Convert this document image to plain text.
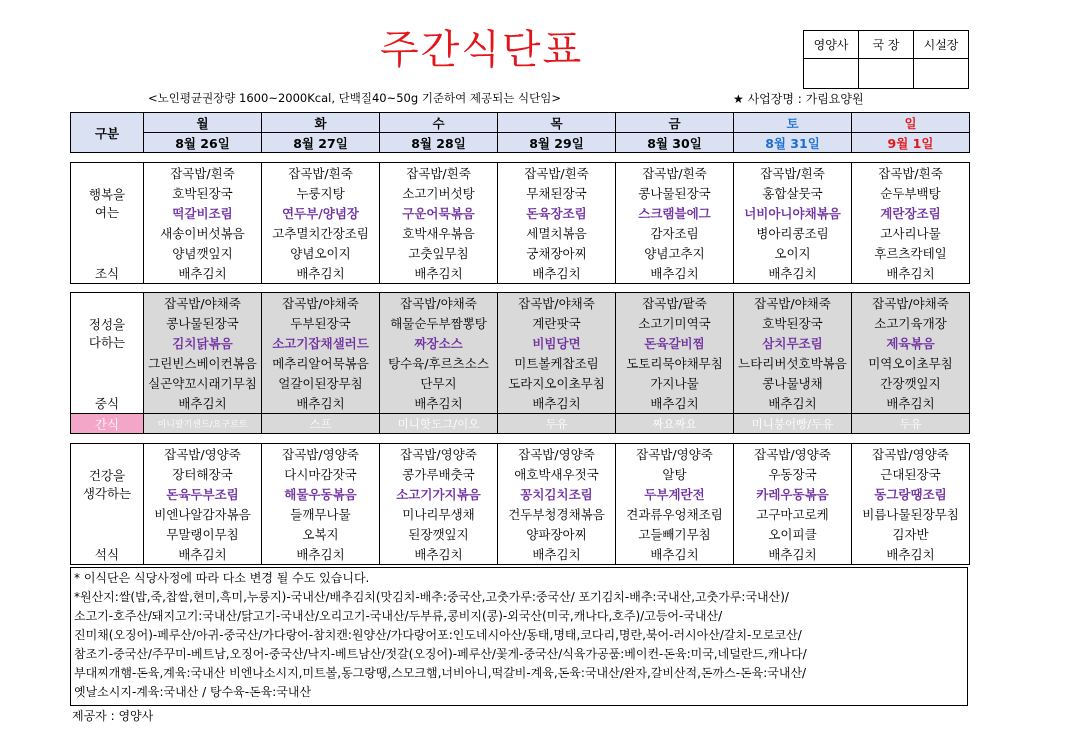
주간식단표	영양사	국 장	시설장

<노인평균권장량 1600~2000Kcal, 단백질40~50g 기준하여 제공되는 식단임>	★ 사업장명 : 가림요양원
구분	월	화	수	목	금	토	일
	8월 26일	8월 27일	8월 28일	8월 29일	8월 30일	8월 31일	9월 1일
	잡곡밥/흰죽	잡곡밥/흰죽	잡곡밥/흰죽	잡곡밥/흰죽	잡곡밥/흰죽	잡곡밥/흰죽	잡곡밥/흰죽
행복을	호박된장국	누룽지탕	소고기버섯탕	무채된장국	콩나물된장국	홍합살뭇국	순두부백탕
여는	떡갈비조림	연두부/양념장	구운어묵볶음	돈육장조림	스크램블에그	너비아니야채볶음	계란장조림
	새송이버섯볶음	고추멸치간장조림	호박새우볶음	세멸치볶음	감자조림	병아리콩조림	고사리나물
	양념깻잎지	양념오이지	고춧잎무침	궁채장아찌	양념고추지	오이지	후르츠칵테일
조식	배추김치	배추김치	배추김치	배추김치	배추김치	배추김치	배추김치
	잡곡밥/야채죽	잡곡밥/야채죽	잡곡밥/야채죽	잡곡밥/야채죽	잡곡밥/팥죽	잡곡밥/야채죽	잡곡밥/야채죽
정성을	콩나물된장국	두부된장국	해물순두부짬뽕탕	계란팟국	소고기미역국	호박된장국	소고기육개장
다하는	김치닭볶음	소고기잡채샐러드	짜장소스	비빔당면	돈육갈비찜	삼치무조림	제육볶음
	그린빈스베이컨볶음	메추리알어묵볶음	탕수육/후르츠소스	미트볼케찹조림	도토리묵야채무침	느타리버섯호박볶음	미역오이초무침
	실곤약꼬시래기무침	얼갈이된장무침	단무지	도라지오이초무침	가지나물	콩나물냉채	간장깻잎지
중식	배추김치	배추김치	배추김치	배추김치	배추김치	배추김치	배추김치
간식	미니팔기샌드/요구르트	스프	미니핫도그/이오	두유	짜요짜요	미니붕어빵/두유	두유
	잡곡밥/영양죽	잡곡밥/영양죽	잡곡밥/영양죽	잡곡밥/영양죽	잡곡밥/영양죽	잡곡밥/영양죽	잡곡밥/영양죽
건강을	장터해장국	다시마감잣국	콩가루배춧국	애호박새우젓국	알탕	우동장국	근대된장국
생각하는	돈육두부조림	해물우동볶음	소고기가지볶음	꽁치김치조림	두부계란전	카레우동볶음	동그랑땡조림
	비엔나알감자볶음	들깨무나물	미나리무생채	건두부청경채볶음	견과류우엉채조림	고구마고로케	비름나물된장무침
	무말랭이무침	오복지	된장깻잎지	양파장아찌	고들빼기무침	오이피클	김자반
석식	배추김치	배추김치	배추김치	배추김치	배추김치	배추김치	배추김치
* 이식단은 식당사정에 따라 다소 변경 될 수도 있습니다.
*원산지:쌀(밥,죽,찹쌀,현미,흑미,누룽지)-국내산/배추김치(맛김치-배추:중국산,고춧가루:중국산/ 포기김치-배추:국내산,고춧가루:국내산)/
소고기-호주산/돼지고기:국내산/닭고기-국내산/오리고기-국내산/두부류,콩비지(콩)-외국산(미국,캐나다,호주)/고등어-국내산/
진미채(오징어)-페루산/아귀-중국산/가다랑어-참치캔:원양산/가다랑어포:인도네시아산/동태,명태,코다리,명란,북어-러시아산/갈치-모로코산/
참조기-중국산/주꾸미-베트남,오징어-중국산/낙지-베트남산/젓갈(오징어)-페루산/꽃게-중국산/식육가공품:베이컨-돈육:미국,네덜란드,캐나다/
부대찌개햄-돈육,계육:국내산 비엔나소시지,미트볼,동그랑땡,스모크햄,너비아니,떡갈비-계육,돈육:국내산/완자,갈비산적,돈까스-돈육:국내산/
옛날소시지-계육:국내산 / 탕수육-돈육:국내산
제공자 : 영양사
